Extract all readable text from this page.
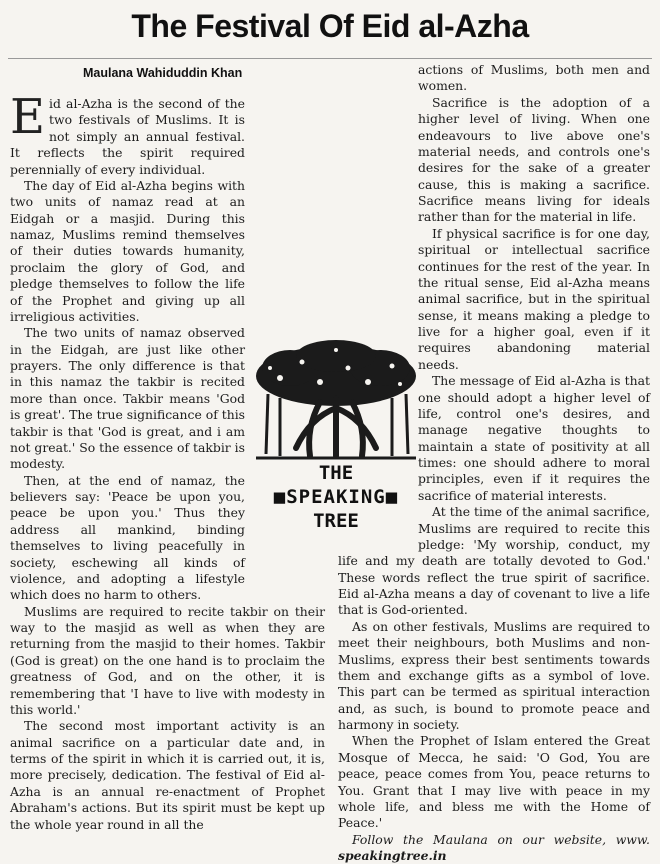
The Festival Of Eid al-Azha
Maulana Wahiduddin Khan

Eid al-Azha is the second of the two festivals of Muslims. It is not simply an annual festival. It reflects the spirit required perennially of every individual.

The day of Eid al-Azha begins with two units of namaz read at an Eidgah or a masjid. During this namaz, Muslims remind themselves of their duties towards humanity, proclaim the glory of God, and pledge themselves to follow the life of the Prophet and giving up all irreligious activities.

The two units of namaz observed in the Eidgah, are just like other prayers. The only difference is that in this namaz the takbir is recited more than once. Takbir means 'God is great'. The true significance of this takbir is that 'God is great, and i am not great.' So the essence of takbir is modesty.

Then, at the end of namaz, the believers say: 'Peace be upon you, peace be upon you.' Thus they address all mankind, binding themselves to living peacefully in society, eschewing all kinds of violence, and adopting a lifestyle which does no harm to others.

Muslims are required to recite takbir on their way to the masjid as well as when they are returning from the masjid to their homes. Takbir (God is great) on the one hand is to proclaim the greatness of God, and on the other, it is remembering that 'I have to live with modesty in this world.'

The second most important activity is an animal sacrifice on a particular date and, in terms of the spirit in which it is carried out, it is, more precisely, dedication. The festival of Eid al-Azha is an annual re-enactment of Prophet Abraham's actions. But its spirit must be kept up the whole year round in all the

actions of Muslims, both men and women.

Sacrifice is the adoption of a higher level of living. When one endeavours to live above one's material needs, and controls one's desires for the sake of a greater cause, this is making a sacrifice. Sacrifice means living for ideals rather than for the material in life.

If physical sacrifice is for one day, spiritual or intellectual sacrifice continues for the rest of the year. In the ritual sense, Eid al-Azha means animal sacrifice, but in the spiritual sense, it means making a pledge to live for a higher goal, even if it requires abandoning material needs.

The message of Eid al-Azha is that one should adopt a higher level of life, control one's desires, and manage negative thoughts to maintain a state of positivity at all times: one should adhere to moral principles, even if it requires the sacrifice of material interests.

At the time of the animal sacrifice, Muslims are required to recite this pledge: 'My worship, conduct, my life and my death are totally devoted to God.' These words reflect the true spirit of sacrifice. Eid al-Azha means a day of covenant to live a life that is God-oriented.

As on other festivals, Muslims are required to meet their neighbours, both Muslims and non-Muslims, express their best sentiments towards them and exchange gifts as a symbol of love. This part can be termed as spiritual interaction and, as such, is bound to promote peace and harmony in society.

When the Prophet of Islam entered the Great Mosque of Mecca, he said: 'O God, You are peace, peace comes from You, peace returns to You. Grant that I may live with peace in my whole life, and bless me with the Home of Peace.'

Follow the Maulana on our website, www. speakingtree.in

THE
■SPEAKING■
TREE
